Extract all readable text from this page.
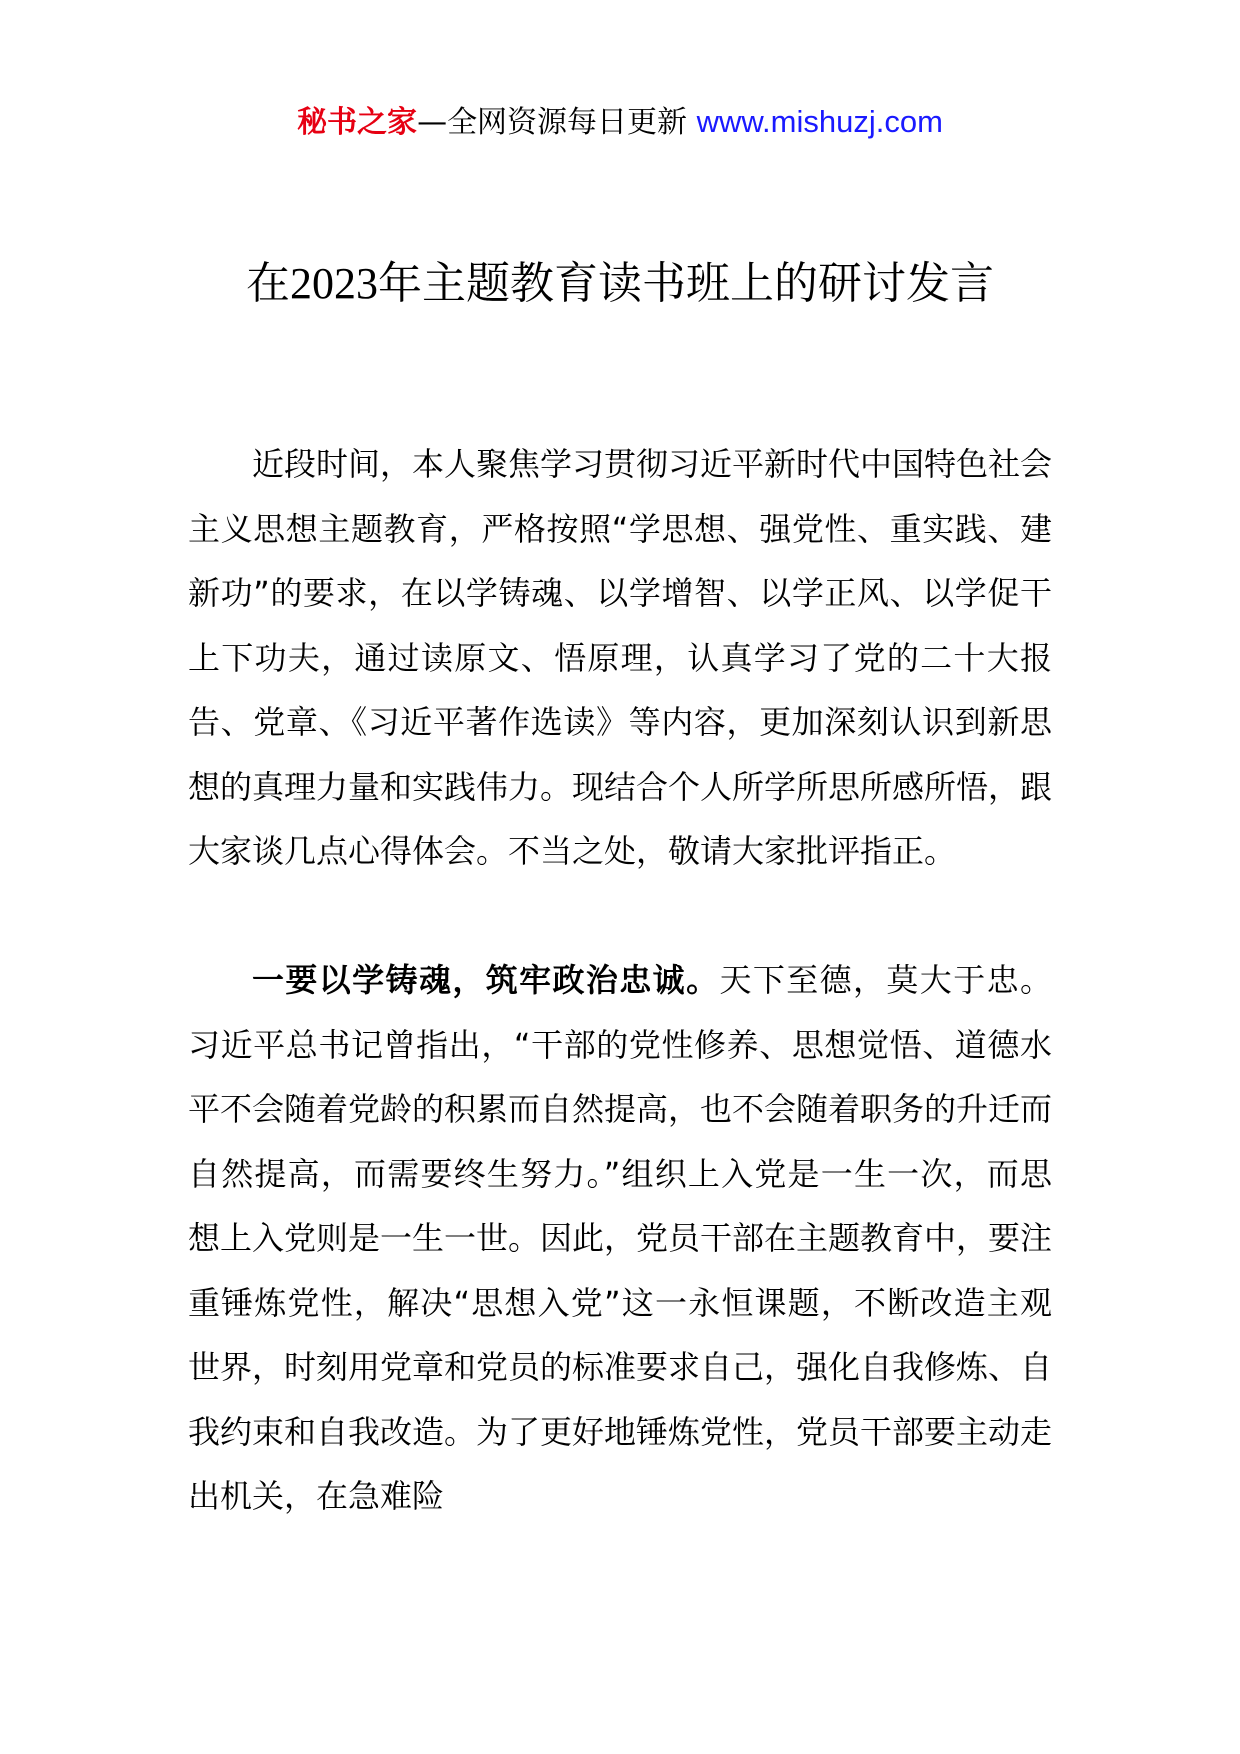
秘书之家—全网资源每日更新 www.mishuzj.com
在2023年主题教育读书班上的研讨发言

近段时间，本人聚焦学习贯彻习近平新时代中国特色社会主义思想主题教育，严格按照“学思想、强党性、重实践、建新功”的要求，在以学铸魂、以学增智、以学正风、以学促干上下功夫，通过读原文、悟原理，认真学习了党的二十大报告、党章、《习近平著作选读》等内容，更加深刻认识到新思想的真理力量和实践伟力。现结合个人所学所思所感所悟，跟大家谈几点心得体会。不当之处，敬请大家批评指正。

一要以学铸魂，筑牢政治忠诚。天下至德，莫大于忠。习近平总书记曾指出，“干部的党性修养、思想觉悟、道德水平不会随着党龄的积累而自然提高，也不会随着职务的升迁而自然提高，而需要终生努力。”组织上入党是一生一次，而思想上入党则是一生一世。因此，党员干部在主题教育中，要注重锤炼党性，解决“思想入党”这一永恒课题，不断改造主观世界，时刻用党章和党员的标准要求自己，强化自我修炼、自我约束和自我改造。为了更好地锤炼党性，党员干部要主动走出机关，在急难险
